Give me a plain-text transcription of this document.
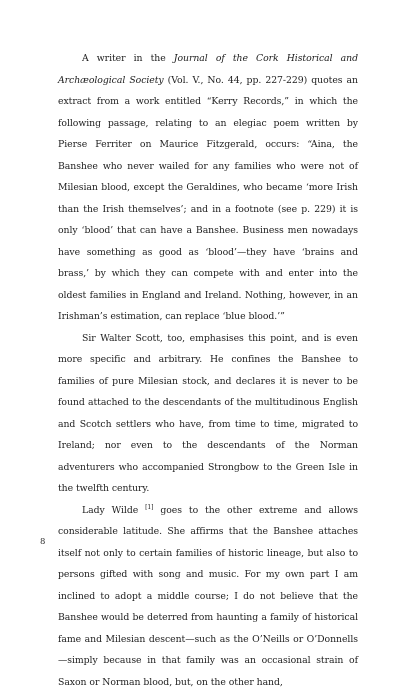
A writer in the Journal of the Cork Historical and Archæological Society (Vol. V., No. 44, pp. 227-229) quotes an extract from a work entitled “Kerry Records,” in which the following passage, relating to an elegiac poem written by Pierse Ferriter on Maurice Fitzgerald, occurs: “Aina, the Banshee who never wailed for any families who were not of Milesian blood, except the Geraldines, who became ‘more Irish than the Irish themselves’; and in a footnote (see p. 229) it is only ‘blood’ that can have a Banshee. Business men nowadays have something as good as ‘blood’—they have ‘brains and brass,’ by which they can compete with and enter into the oldest families in England and Ireland. Nothing, however, in an Irishman’s estimation, can replace ‘blue blood.’”

Sir Walter Scott, too, emphasises this point, and is even more specific and arbitrary. He confines the Banshee to families of pure Milesian stock, and declares it is never to be found attached to the descendants of the multitudinous English and Scotch settlers who have, from time to time, migrated to Ireland; nor even to the descendants of the Norman adventurers who accompanied Strongbow to the Green Isle in the twelfth century.

Lady Wilde [1] goes to the other extreme and allows considerable latitude. She affirms that the Banshee attaches itself not only to certain families of historic lineage, but also to persons gifted with song and music. For my own part I am inclined to adopt a middle course; I do not believe that the Banshee would be deterred from haunting a family of historical fame and Milesian descent—such as the O’Neills or O’Donnells—simply because in that family was an occasional strain of Saxon or Norman blood, but, on the other hand,

8
